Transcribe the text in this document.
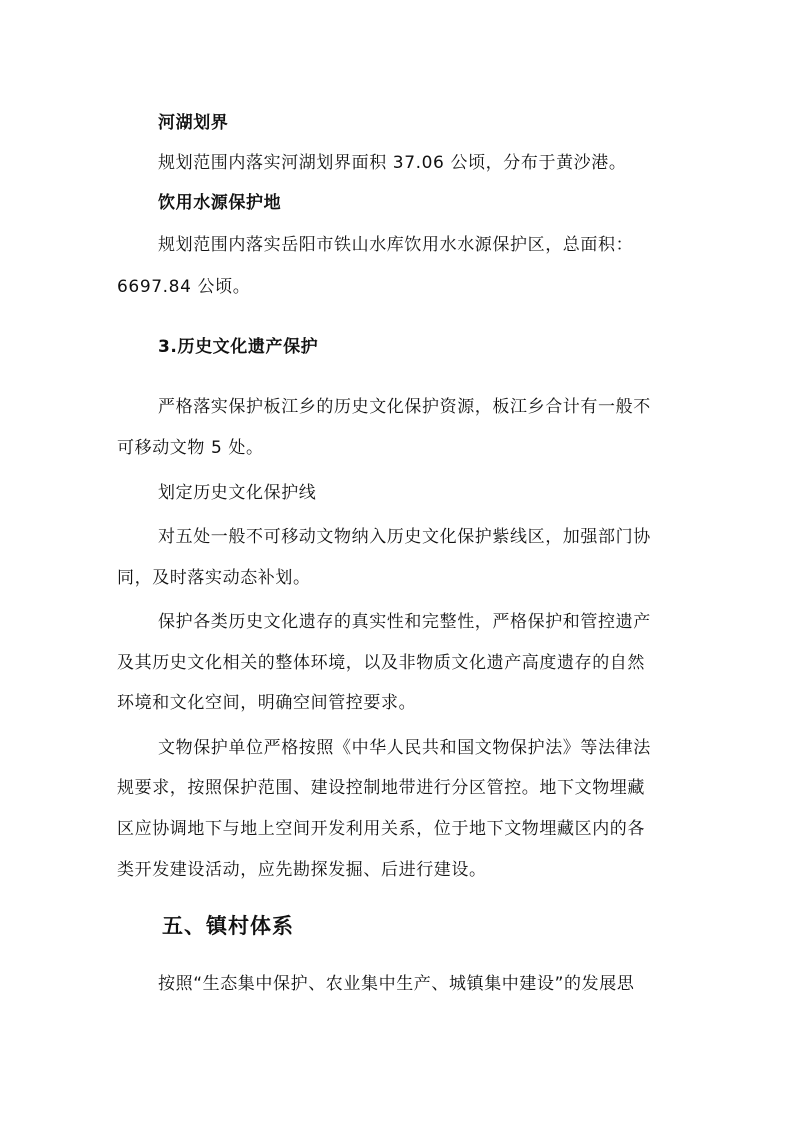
河湖划界
规划范围内落实河湖划界面积 37.06 公顷，分布于黄沙港。
饮用水源保护地
规划范围内落实岳阳市铁山水库饮用水水源保护区，总面积：
6697.84 公顷。
3.历史文化遗产保护
严格落实保护板江乡的历史文化保护资源，板江乡合计有一般不
可移动文物 5 处。
划定历史文化保护线
对五处一般不可移动文物纳入历史文化保护紫线区，加强部门协
同，及时落实动态补划。
保护各类历史文化遗存的真实性和完整性，严格保护和管控遗产
及其历史文化相关的整体环境，以及非物质文化遗产高度遗存的自然
环境和文化空间，明确空间管控要求。
文物保护单位严格按照《中华人民共和国文物保护法》等法律法
规要求，按照保护范围、建设控制地带进行分区管控。地下文物埋藏
区应协调地下与地上空间开发利用关系，位于地下文物埋藏区内的各
类开发建设活动，应先勘探发掘、后进行建设。
五、镇村体系
按照“生态集中保护、农业集中生产、城镇集中建设”的发展思
